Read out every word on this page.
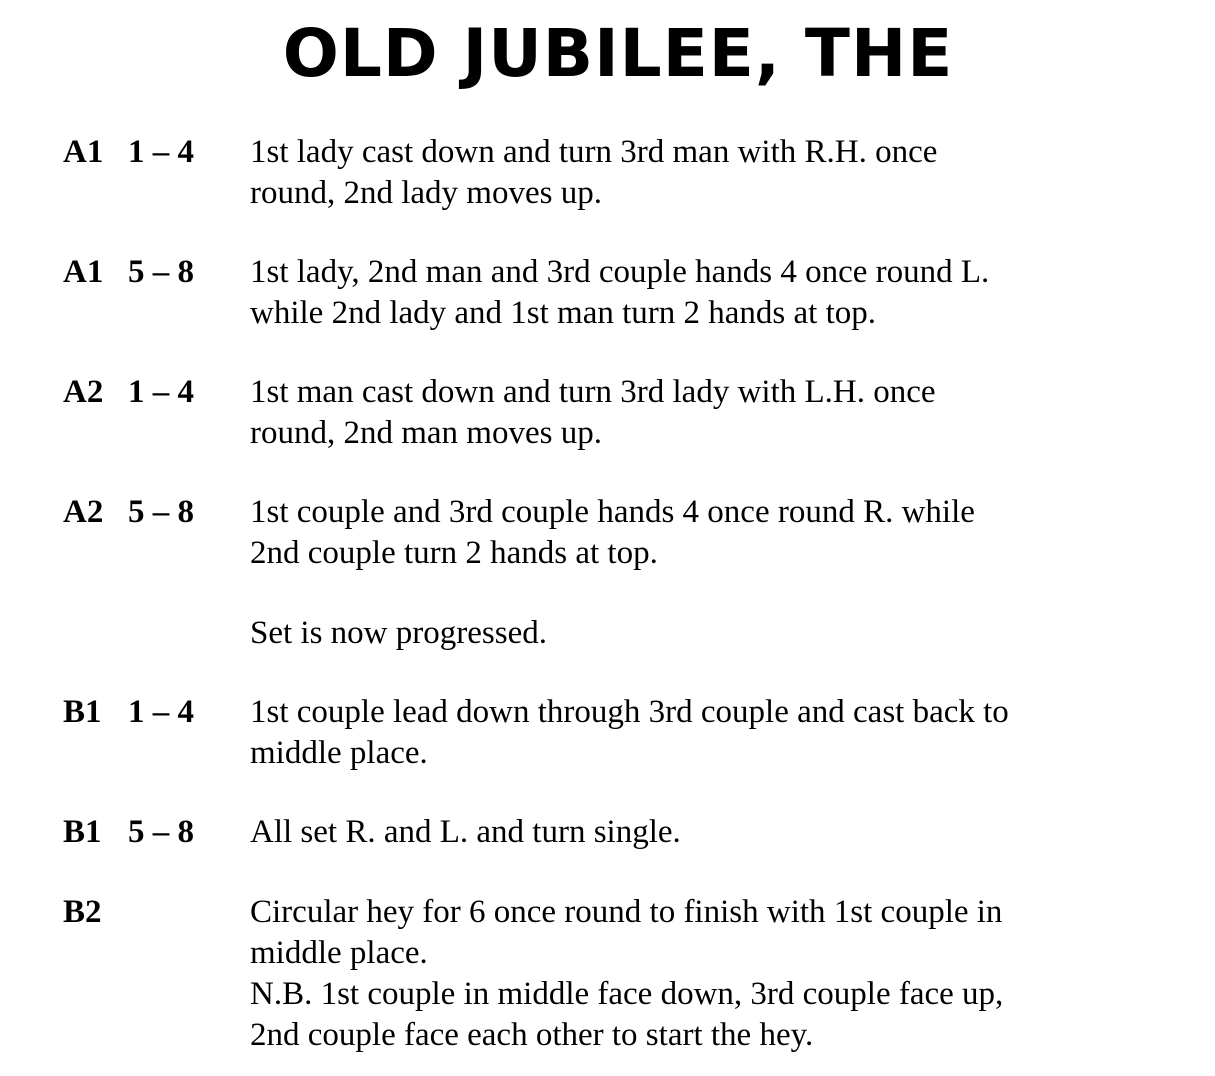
OLD JUBILEE, THE
A1 1 – 4 1st lady cast down and turn 3rd man with R.H. once
round, 2nd lady moves up.
A1 5 – 8 1st lady, 2nd man and 3rd couple hands 4 once round L.
while 2nd lady and 1st man turn 2 hands at top.
A2 1 – 4 1st man cast down and turn 3rd lady with L.H. once
round, 2nd man moves up.
A2 5 – 8 1st couple and 3rd couple hands 4 once round R. while
2nd couple turn 2 hands at top.
Set is now progressed.
B1 1 – 4 1st couple lead down through 3rd couple and cast back to
middle place.
B1 5 – 8 All set R. and L. and turn single.
B2	Circular hey for 6 once round to finish with 1st couple in
middle place.
N.B. 1st couple in middle face down, 3rd couple face up,
2nd couple face each other to start the hey.
